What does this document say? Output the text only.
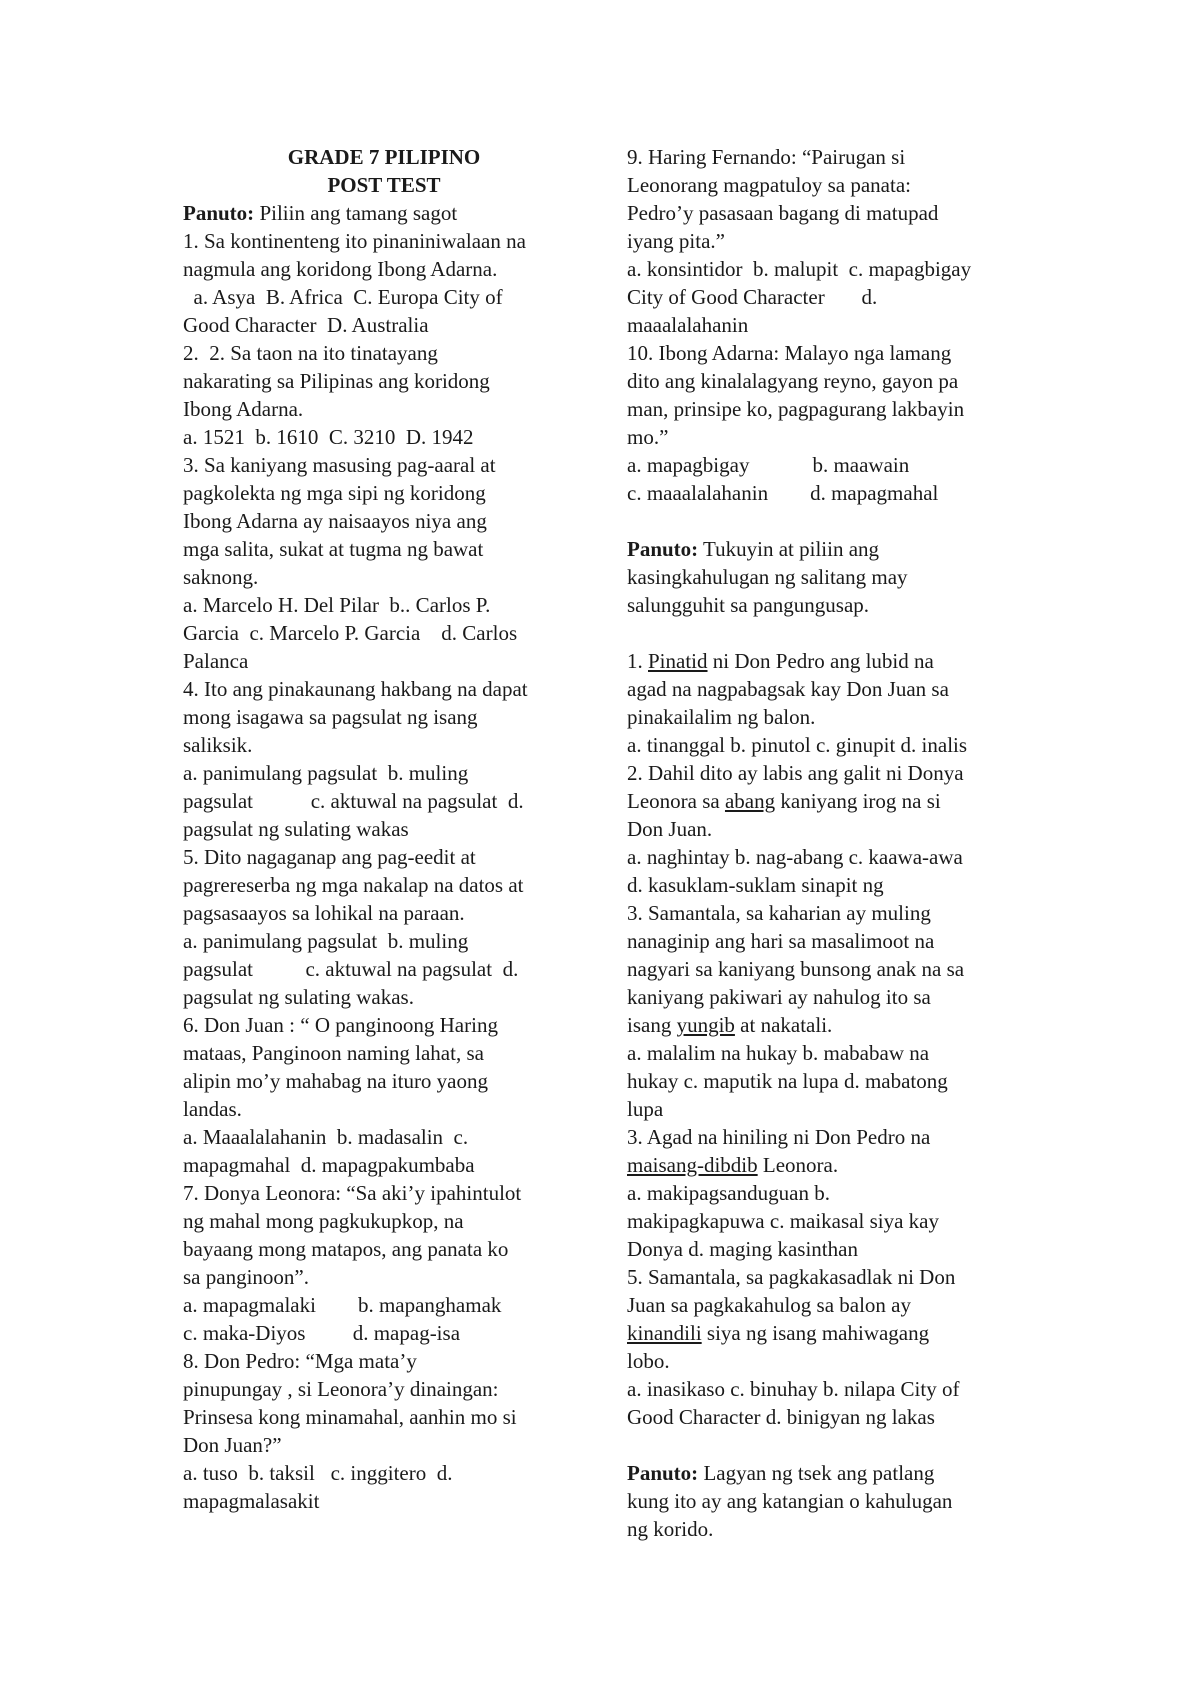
GRADE 7 PILIPINO
POST TEST
Panuto: Piliin ang tamang sagot
1. Sa kontinenteng ito pinaniniwalaan na
nagmula ang koridong Ibong Adarna.
a. Asya  B. Africa  C. Europa City of
Good Character  D. Australia
2.  2. Sa taon na ito tinatayang
nakarating sa Pilipinas ang koridong
Ibong Adarna.
a. 1521  b. 1610  C. 3210  D. 1942
3. Sa kaniyang masusing pag-aaral at
pagkolekta ng mga sipi ng koridong
Ibong Adarna ay naisaayos niya ang
mga salita, sukat at tugma ng bawat
saknong.
a. Marcelo H. Del Pilar  b.. Carlos P.
Garcia  c. Marcelo P. Garcia    d. Carlos
Palanca
4. Ito ang pinakaunang hakbang na dapat
mong isagawa sa pagsulat ng isang
saliksik.
a. panimulang pagsulat  b. muling
pagsulat           c. aktuwal na pagsulat  d.
pagsulat ng sulating wakas
5. Dito nagaganap ang pag-eedit at
pagrereserba ng mga nakalap na datos at
pagsasaayos sa lohikal na paraan.
a. panimulang pagsulat  b. muling
pagsulat          c. aktuwal na pagsulat  d.
pagsulat ng sulating wakas.
6. Don Juan : “ O panginoong Haring
mataas, Panginoon naming lahat, sa
alipin mo’y mahabag na ituro yaong
landas.
a. Maaalalahanin  b. madasalin  c.
mapagmahal  d. mapagpakumbaba
7. Donya Leonora: “Sa aki’y ipahintulot
ng mahal mong pagkukupkop, na
bayaang mong matapos, ang panata ko
sa panginoon”.
a. mapagmalaki        b. mapanghamak
c. maka-Diyos         d. mapag-isa
8. Don Pedro: “Mga mata’y
pinupungay , si Leonora’y dinaingan:
Prinsesa kong minamahal, aanhin mo si
Don Juan?”
a. tuso  b. taksil   c. inggitero  d.
mapagmalasakit
9. Haring Fernando: “Pairugan si
Leonorang magpatuloy sa panata:
Pedro’y pasasaan bagang di matupad
iyang pita.”
a. konsintidor  b. malupit  c. mapagbigay
City of Good Character       d.
maaalalahanin
10. Ibong Adarna: Malayo nga lamang
dito ang kinalalagyang reyno, gayon pa
man, prinsipe ko, pagpagurang lakbayin
mo.”
a. mapagbigay            b. maawain
c. maaalalahanin        d. mapagmahal
Panuto: Tukuyin at piliin ang
kasingkahulugan ng salitang may
salungguhit sa pangungusap.
1. Pinatid ni Don Pedro ang lubid na
agad na nagpabagsak kay Don Juan sa
pinakailalim ng balon.
a. tinanggal b. pinutol c. ginupit d. inalis
2. Dahil dito ay labis ang galit ni Donya
Leonora sa abang kaniyang irog na si
Don Juan.
a. naghintay b. nag-abang c. kaawa-awa
d. kasuklam-suklam sinapit ng
3. Samantala, sa kaharian ay muling
nanaginip ang hari sa masalimoot na
nagyari sa kaniyang bunsong anak na sa
kaniyang pakiwari ay nahulog ito sa
isang yungib at nakatali.
a. malalim na hukay b. mababaw na
hukay c. maputik na lupa d. mabatong
lupa
3. Agad na hiniling ni Don Pedro na
maisang-dibdib Leonora.
a. makipagsanduguan b.
makipagkapuwa c. maikasal siya kay
Donya d. maging kasinthan
5. Samantala, sa pagkakasadlak ni Don
Juan sa pagkakahulog sa balon ay
kinandili siya ng isang mahiwagang
lobo.
a. inasikaso c. binuhay b. nilapa City of
Good Character d. binigyan ng lakas
Panuto: Lagyan ng tsek ang patlang
kung ito ay ang katangian o kahulugan
ng korido.
